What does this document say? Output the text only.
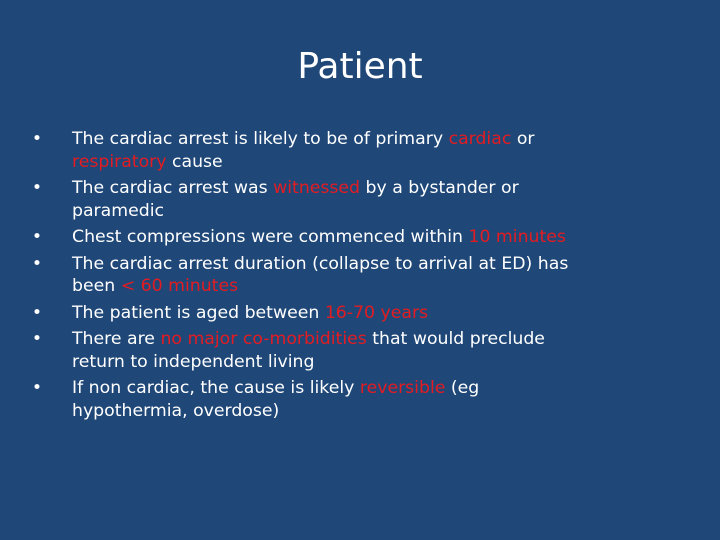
Patient
• The cardiac arrest is likely to be of primary cardiac or
respiratory cause
• The cardiac arrest was witnessed by a bystander or
paramedic
• Chest compressions were commenced within 10 minutes
• The cardiac arrest duration (collapse to arrival at ED) has
been < 60 minutes
• The patient is aged between 16-70 years
• There are no major co-morbidities that would preclude
return to independent living
• If non cardiac, the cause is likely reversible (eg
hypothermia, overdose)
